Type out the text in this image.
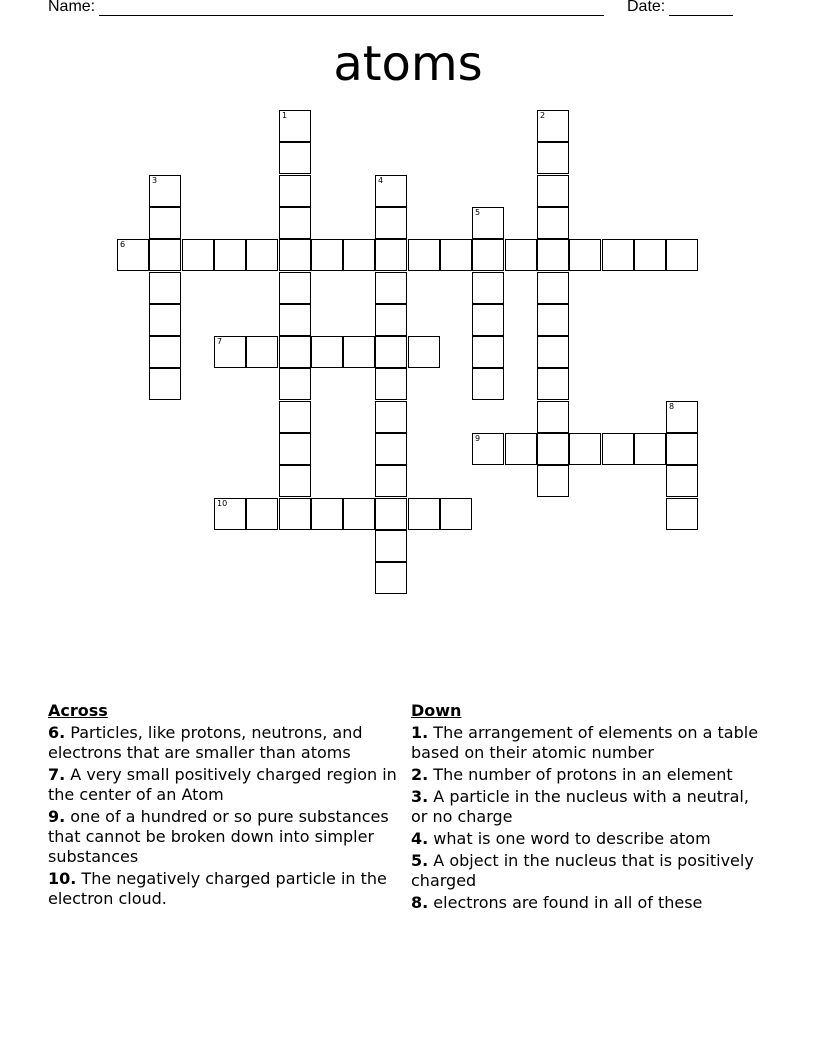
Name:	Date:
atoms
1	2
3	4
5
6
7
8
9
10
Across
6. Particles, like protons, neutrons, and electrons that are smaller than atoms
7. A very small positively charged region in the center of an Atom
9. one of a hundred or so pure substances that cannot be broken down into simpler substances
10. The negatively charged particle in the electron cloud.
Down
1. The arrangement of elements on a table based on their atomic number
2. The number of protons in an element
3. A particle in the nucleus with a neutral, or no charge
4. what is one word to describe atom
5. A object in the nucleus that is positively charged
8. electrons are found in all of these
